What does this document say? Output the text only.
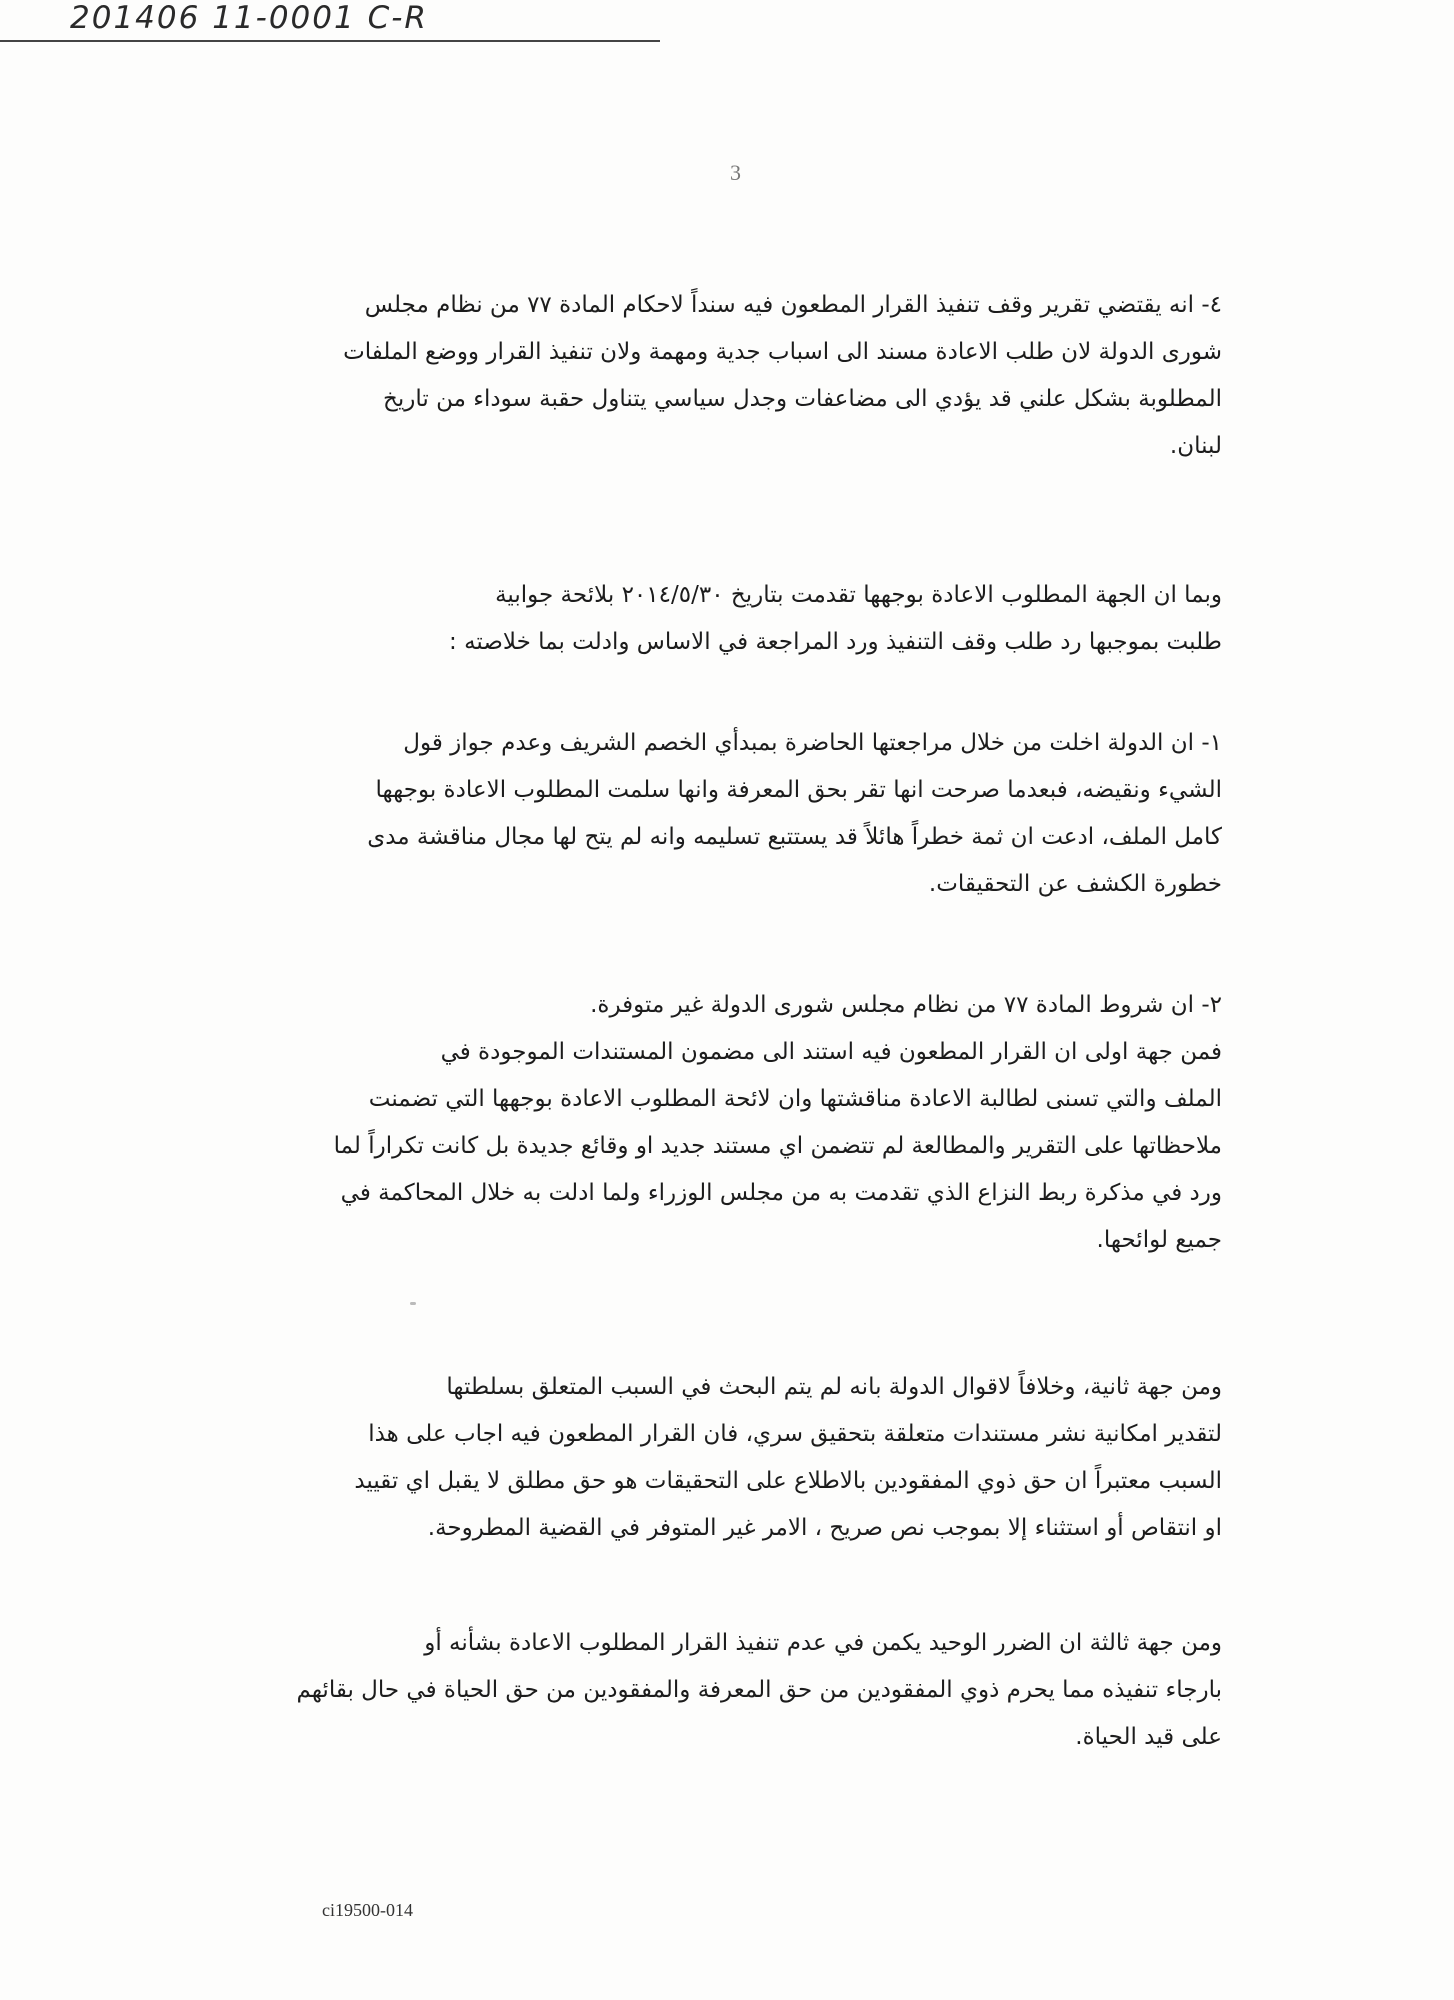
201406 11-0001 C-R
3

٤- انه يقتضي تقرير وقف تنفيذ القرار المطعون فيه سنداً لاحكام المادة ٧٧ من نظام مجلس
شورى الدولة لان طلب الاعادة مسند الى اسباب جدية ومهمة ولان تنفيذ القرار ووضع الملفات
المطلوبة بشكل علني قد يؤدي الى مضاعفات وجدل سياسي يتناول حقبة سوداء من تاريخ
لبنان.

وبما ان الجهة المطلوب الاعادة بوجهها تقدمت بتاريخ ٢٠١٤/٥/٣٠ بلائحة جوابية
طلبت بموجبها رد طلب وقف التنفيذ ورد المراجعة في الاساس وادلت بما خلاصته :

١- ان الدولة اخلت من خلال مراجعتها الحاضرة بمبدأي الخصم الشريف وعدم جواز قول
الشيء ونقيضه، فبعدما صرحت انها تقر بحق المعرفة وانها سلمت المطلوب الاعادة بوجهها
كامل الملف، ادعت ان ثمة خطراً هائلاً قد يستتبع تسليمه وانه لم يتح لها مجال مناقشة مدى
خطورة الكشف عن التحقيقات.

٢- ان شروط المادة ٧٧ من نظام مجلس شورى الدولة غير متوفرة.
فمن جهة اولى ان القرار المطعون فيه استند الى مضمون المستندات الموجودة في
الملف والتي تسنى لطالبة الاعادة مناقشتها وان لائحة المطلوب الاعادة بوجهها التي تضمنت
ملاحظاتها على التقرير والمطالعة لم تتضمن اي مستند جديد او وقائع جديدة بل كانت تكراراً لما
ورد في مذكرة ربط النزاع الذي تقدمت به من مجلس الوزراء ولما ادلت به خلال المحاكمة في
جميع لوائحها.

ومن جهة ثانية، وخلافاً لاقوال الدولة بانه لم يتم البحث في السبب المتعلق بسلطتها
لتقدير امكانية نشر مستندات متعلقة بتحقيق سري، فان القرار المطعون فيه اجاب على هذا
السبب معتبراً ان حق ذوي المفقودين بالاطلاع على التحقيقات هو حق مطلق لا يقبل اي تقييد
او انتقاص أو استثناء إلا بموجب نص صريح ، الامر غير المتوفر في القضية المطروحة.

ومن جهة ثالثة ان الضرر الوحيد يكمن في عدم تنفيذ القرار المطلوب الاعادة بشأنه أو
بارجاء تنفيذه مما يحرم ذوي المفقودين من حق المعرفة والمفقودين من حق الحياة في حال بقائهم
على قيد الحياة.

ci19500-014
